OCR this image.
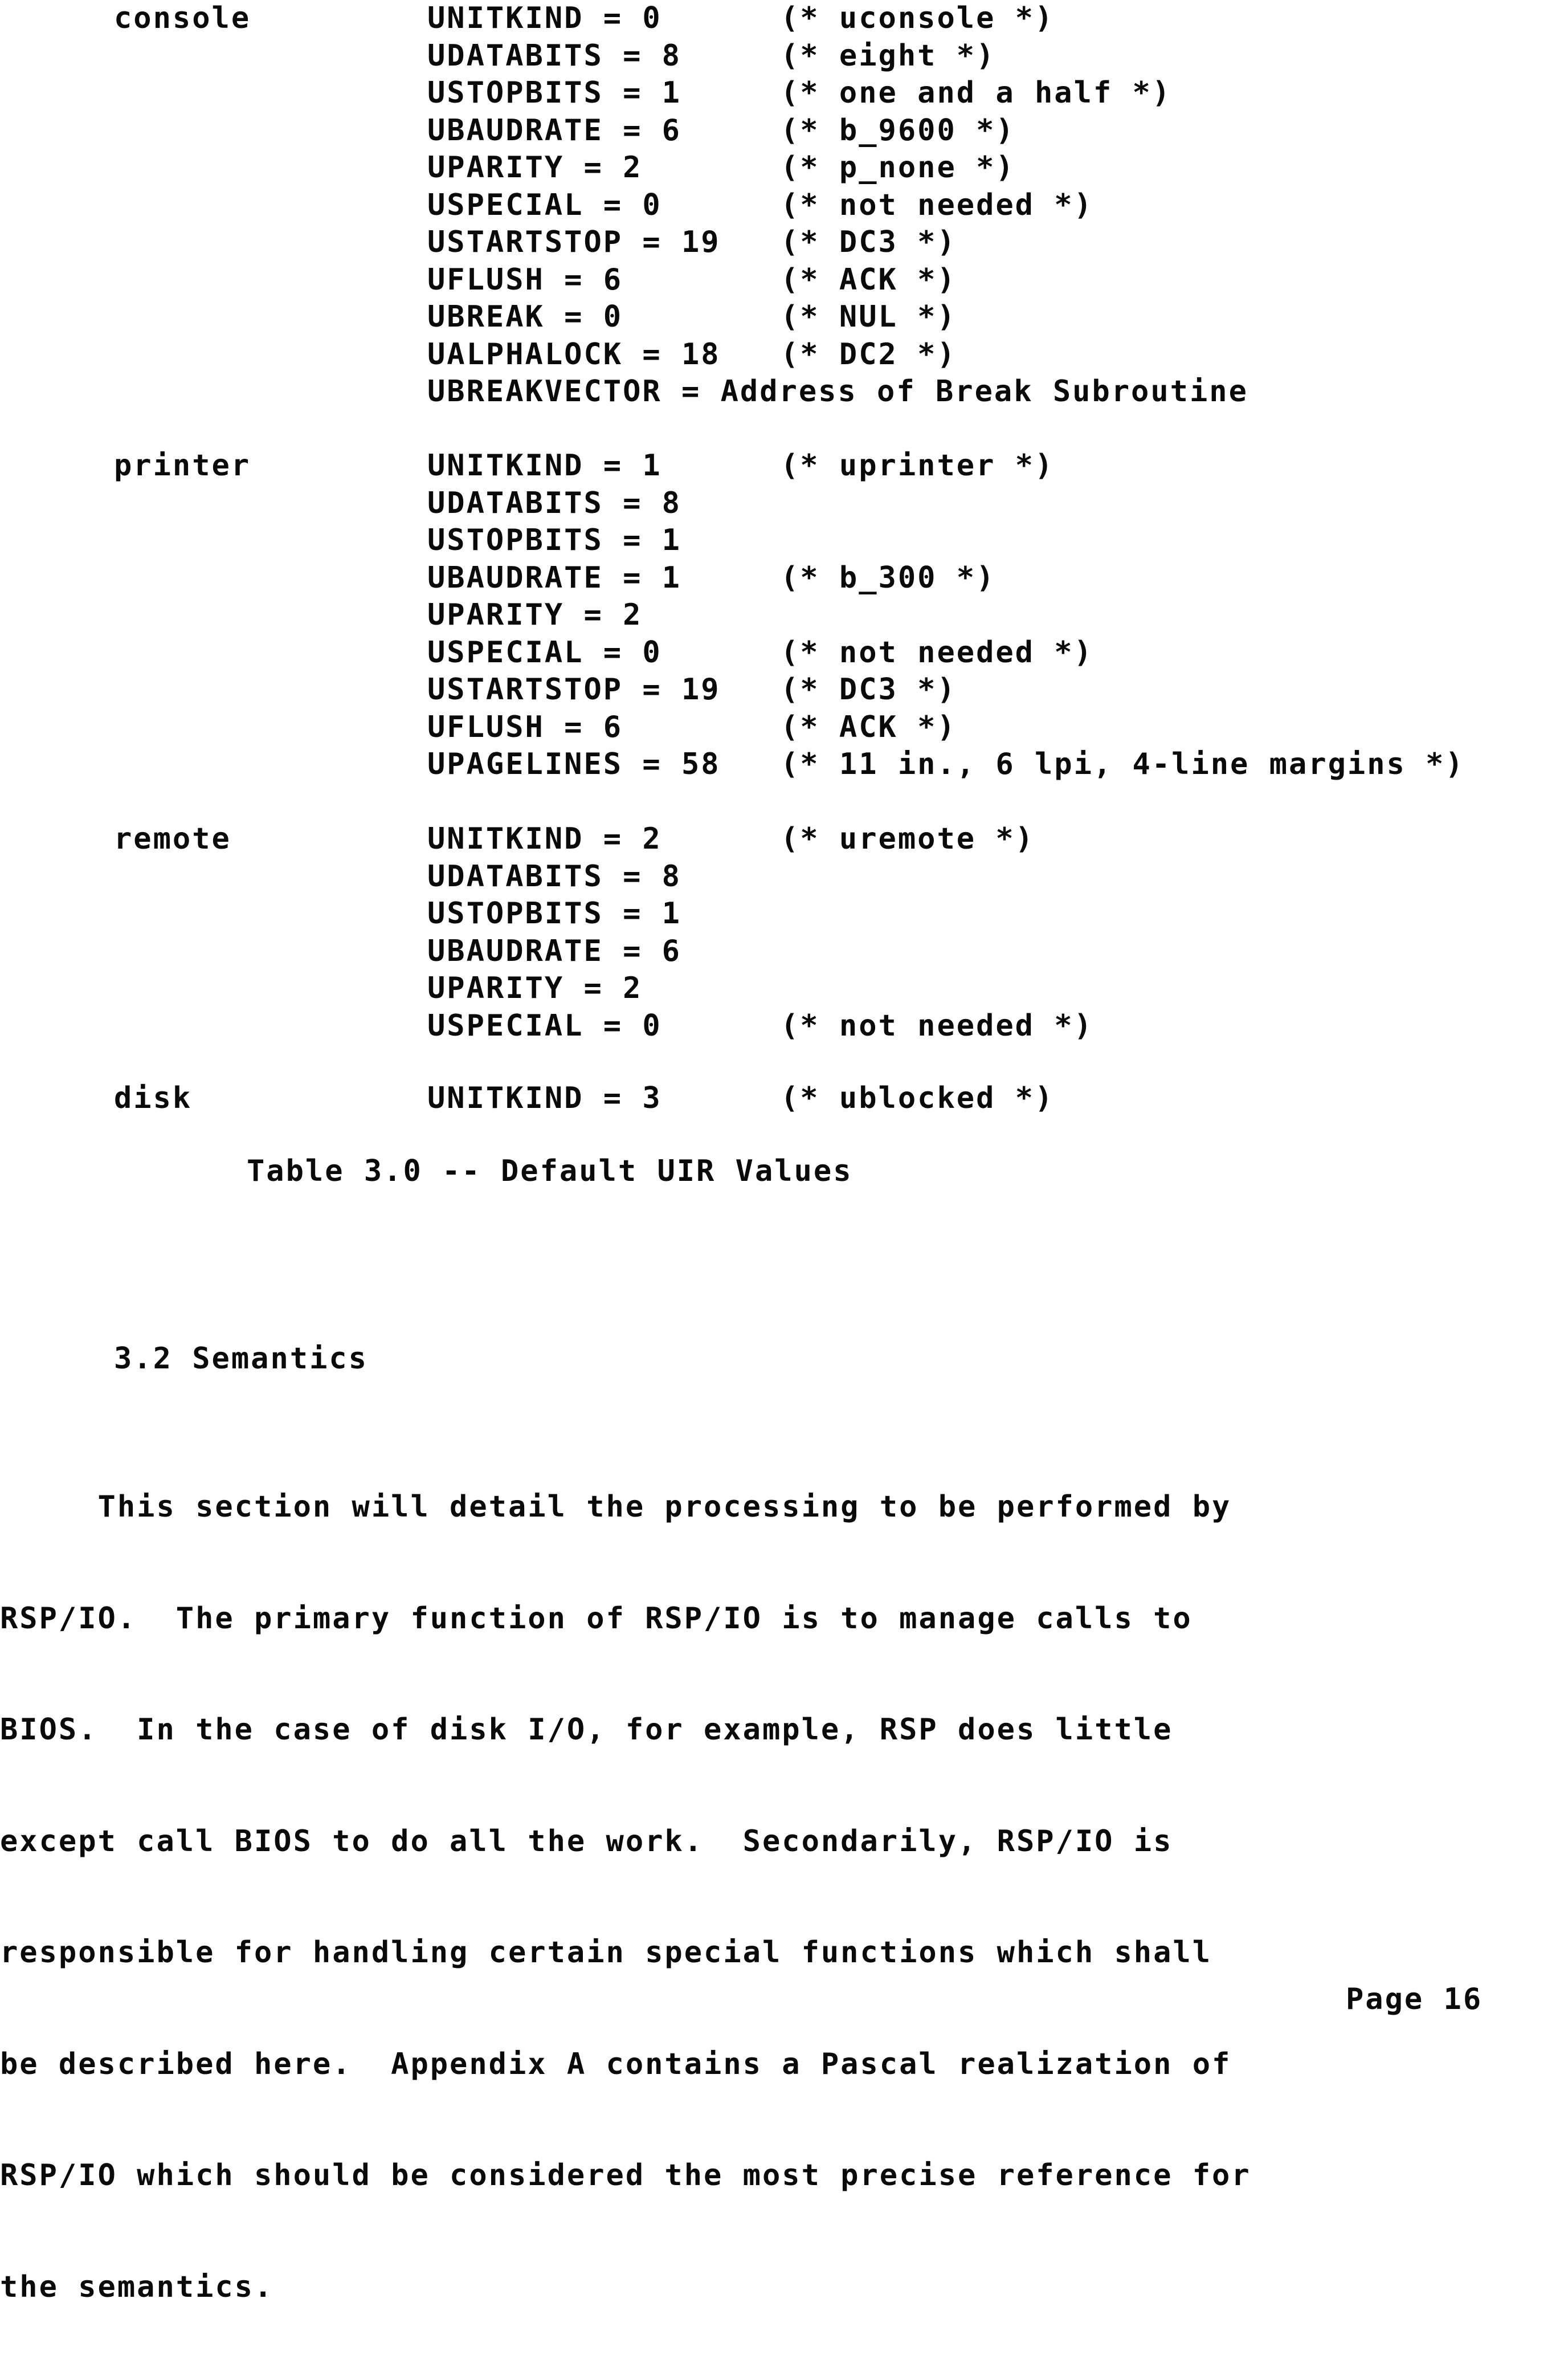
console	UNITKIND = 0	(* uconsole *)
UDATABITS = 8	(* eight *)
USTOPBITS = 1	(* one and a half *)
UBAUDRATE = 6	(* b_9600 *)
UPARITY = 2	(* p_none *)
USPECIAL = 0	(* not needed *)
USTARTSTOP = 19	(* DC3 *)
UFLUSH = 6	(* ACK *)
UBREAK = 0	(* NUL *)
UALPHALOCK = 18	(* DC2 *)
UBREAKVECTOR = Address of Break Subroutine
printer	UNITKIND = 1	(* uprinter *)
UDATABITS = 8
USTOPBITS = 1
UBAUDRATE = 1	(* b_300 *)
UPARITY = 2
USPECIAL = 0	(* not needed *)
USTARTSTOP = 19	(* DC3 *)
UFLUSH = 6	(* ACK *)
UPAGELINES = 58	(* 11 in., 6 lpi, 4-line margins *)
remote	UNITKIND = 2	(* uremote *)
UDATABITS = 8
USTOPBITS = 1
UBAUDRATE = 6
UPARITY = 2
USPECIAL = 0	(* not needed *)
disk	UNITKIND = 3	(* ublocked *)
Table 3.0 -- Default UIR Values
3.2 Semantics

This section will detail the processing to be performed by

RSP/IO.  The primary function of RSP/IO is to manage calls to

BIOS.  In the case of disk I/O, for example, RSP does little

except call BIOS to do all the work.  Secondarily, RSP/IO is

responsible for handling certain special functions which shall

be described here.  Appendix A contains a Pascal realization of

RSP/IO which should be considered the most precise reference for

the semantics.

Page 16
